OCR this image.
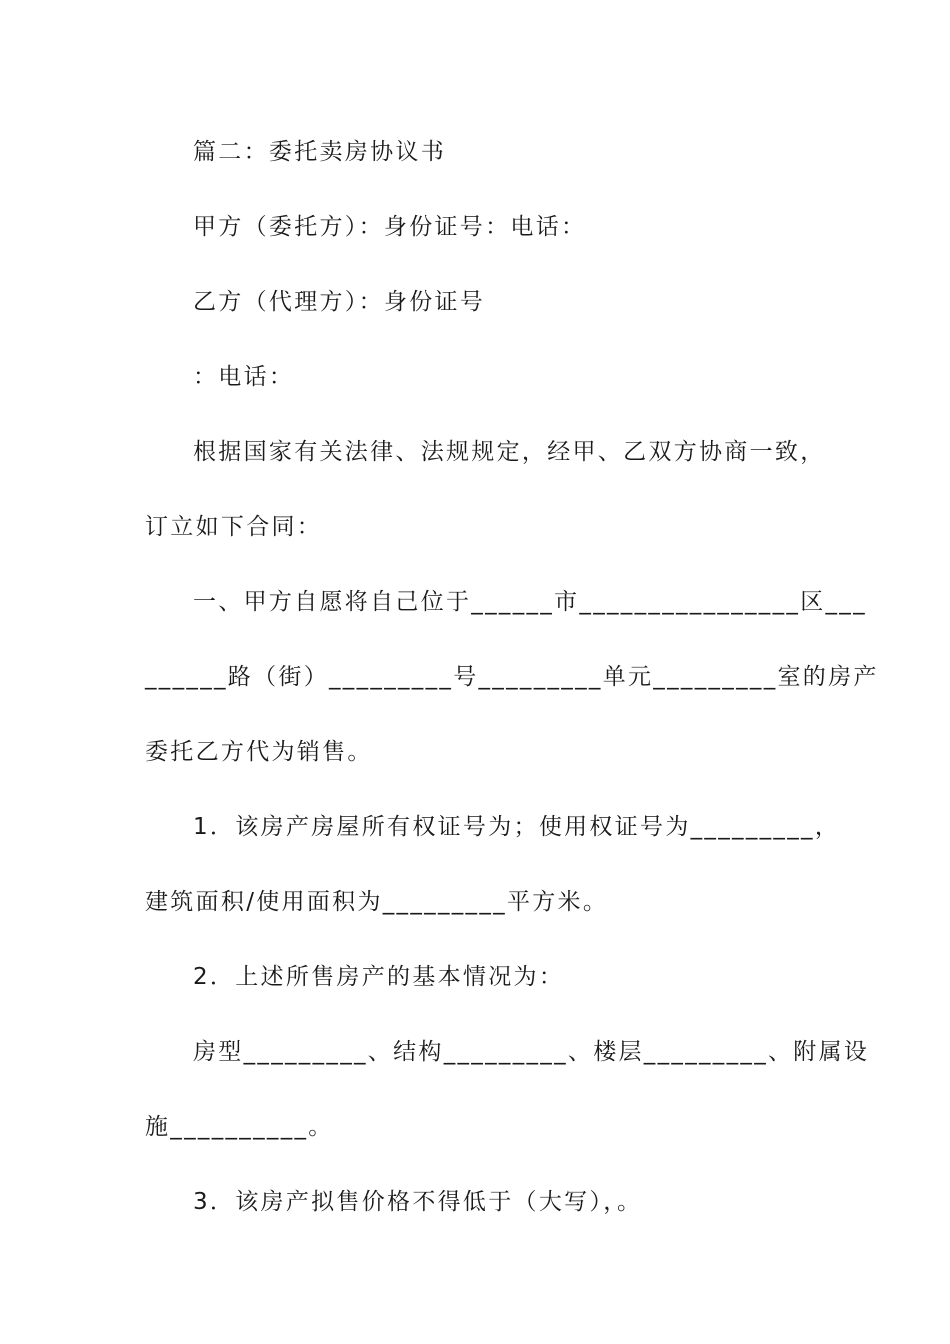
篇二：委托卖房协议书
甲方（委托方）：身份证号：电话：
乙方（代理方）：身份证号
：电话：
根据国家有关法律、法规规定，经甲、乙双方协商一致，
订立如下合同：
一、甲方自愿将自己位于______市________________区___
______路（街）_________号_________单元_________室的房产
委托乙方代为销售。
1．该房产房屋所有权证号为；使用权证号为_________，
建筑面积/使用面积为_________平方米。
2．上述所售房产的基本情况为：
房型_________、结构_________、楼层_________、附属设
施__________。
3．该房产拟售价格不得低于（大写），。
